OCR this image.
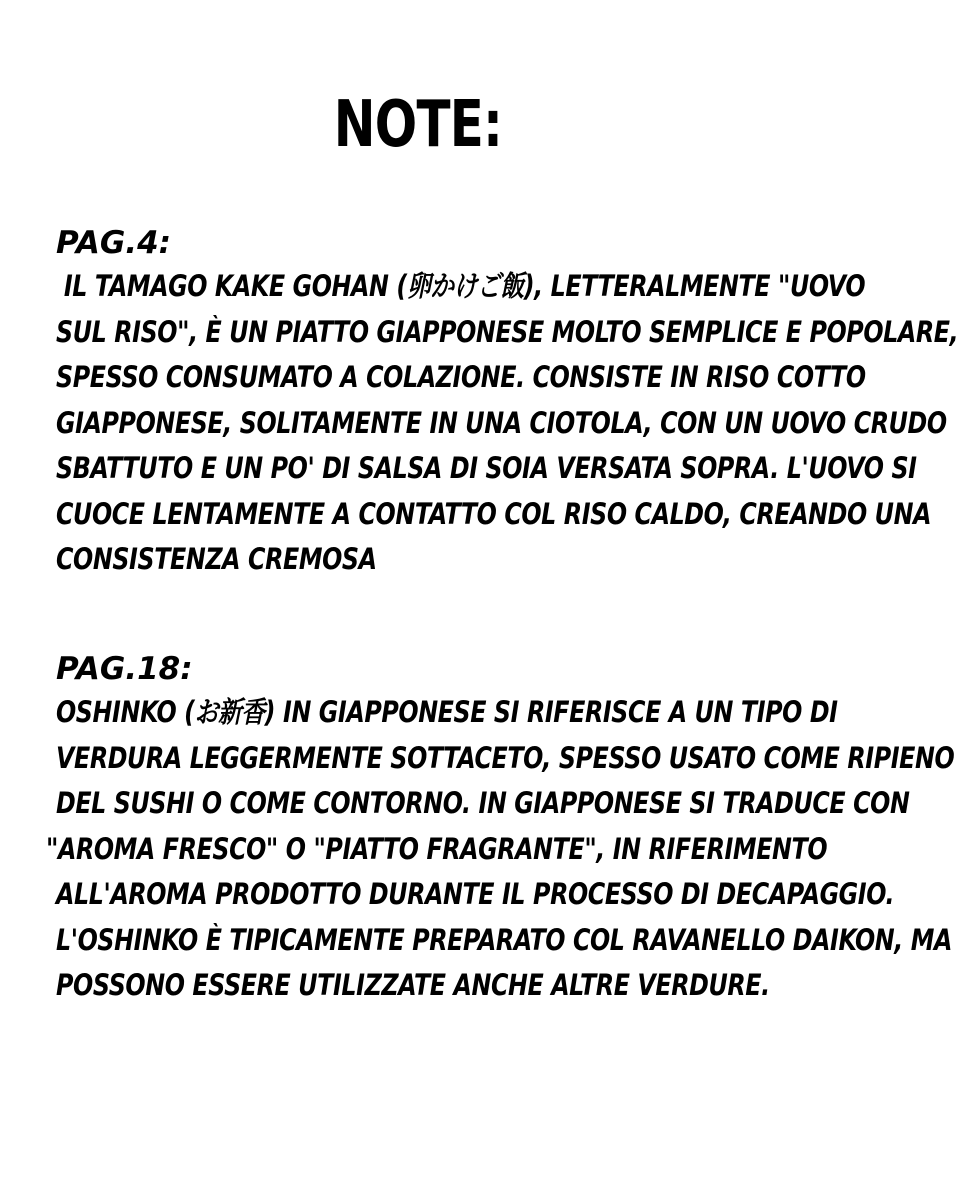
NOTE:
PAG.4:
IL TAMAGO KAKE GOHAN (卵かけご飯), LETTERALMENTE "UOVO
SUL RISO", È UN PIATTO GIAPPONESE MOLTO SEMPLICE E POPOLARE,
SPESSO CONSUMATO A COLAZIONE. CONSISTE IN RISO COTTO
GIAPPONESE, SOLITAMENTE IN UNA CIOTOLA, CON UN UOVO CRUDO
SBATTUTO E UN PO' DI SALSA DI SOIA VERSATA SOPRA. L'UOVO SI
CUOCE LENTAMENTE A CONTATTO COL RISO CALDO, CREANDO UNA
CONSISTENZA CREMOSA
PAG.18:
OSHINKO (お新香) IN GIAPPONESE SI RIFERISCE A UN TIPO DI
VERDURA LEGGERMENTE SOTTACETO, SPESSO USATO COME RIPIENO
DEL SUSHI O COME CONTORNO. IN GIAPPONESE SI TRADUCE CON
"AROMA FRESCO" O "PIATTO FRAGRANTE", IN RIFERIMENTO
ALL'AROMA PRODOTTO DURANTE IL PROCESSO DI DECAPAGGIO.
L'OSHINKO È TIPICAMENTE PREPARATO COL RAVANELLO DAIKON, MA
POSSONO ESSERE UTILIZZATE ANCHE ALTRE VERDURE.
